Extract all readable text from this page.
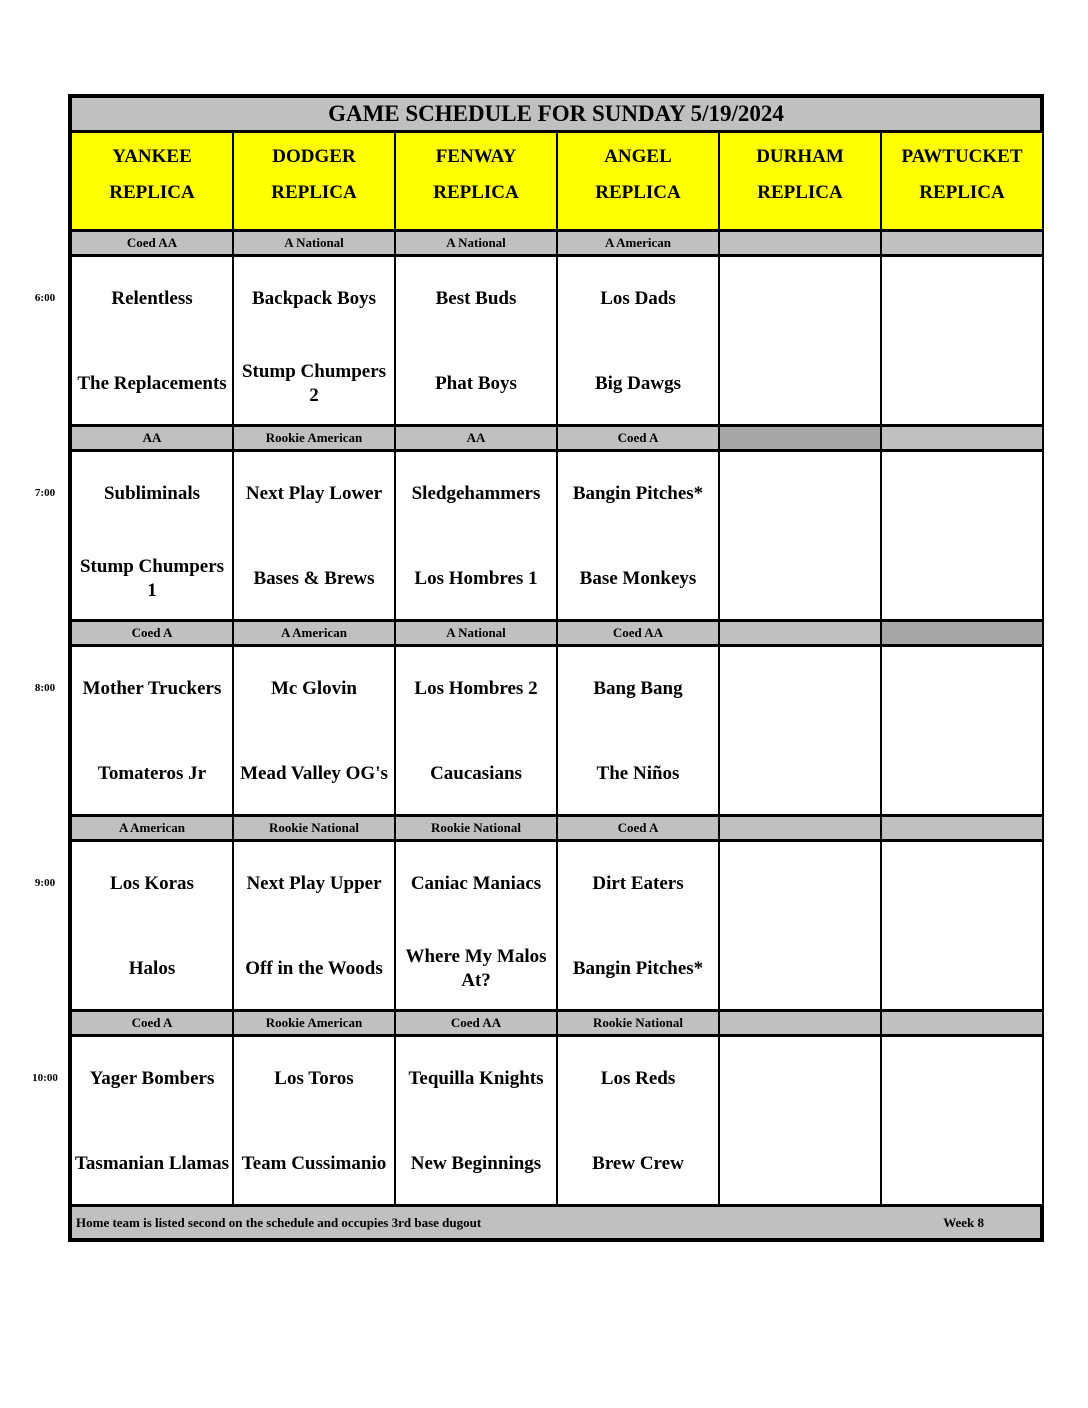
GAME SCHEDULE FOR SUNDAY 5/19/2024
YANKEE
REPLICA
DODGER
REPLICA
FENWAY
REPLICA
ANGEL
REPLICA
DURHAM
REPLICA
PAWTUCKET
REPLICA
Coed AA
Relentless
The Replacements
A National
Backpack Boys
Stump Chumpers 2
A National
Best Buds
Phat Boys
A American
Los Dads
Big Dawgs
AA
Subliminals
Stump Chumpers 1
Rookie American
Next Play Lower
Bases & Brews
AA
Sledgehammers
Los Hombres 1
Coed A
Bangin Pitches*
Base Monkeys
Coed A
Mother Truckers
Tomateros Jr
A American
Mc Glovin
Mead Valley OG's
A National
Los Hombres 2
Caucasians
Coed AA
Bang Bang
The Niños
A American
Los Koras
Halos
Rookie National
Next Play Upper
Off in the Woods
Rookie National
Caniac Maniacs
Where My Malos At?
Coed A
Dirt Eaters
Bangin Pitches*
Coed A
Yager Bombers
Tasmanian Llamas
Rookie American
Los Toros
Team Cussimanio
Coed AA
Tequilla Knights
New Beginnings
Rookie National
Los Reds
Brew Crew
Home team is listed second on the schedule and occupies 3rd base dugout	Week 8
6:00
7:00
8:00
9:00
10:00
